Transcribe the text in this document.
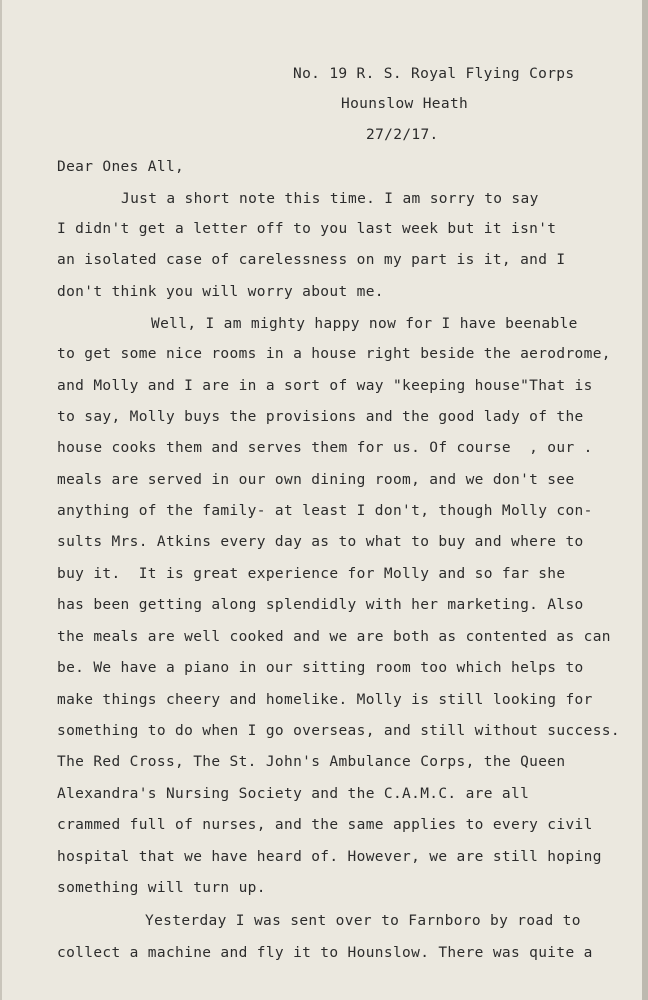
No. 19 R. S. Royal Flying Corps
Hounslow Heath
27/2/17.
Dear Ones All,
Just a short note this time. I am sorry to say
I didn't get a letter off to you last week but it isn't
an isolated case of carelessness on my part is it, and I
don't think you will worry about me.
Well, I am mighty happy now for I have beenable
to get some nice rooms in a house right beside the aerodrome,
and Molly and I are in a sort of way "keeping house"That is
to say, Molly buys the provisions and the good lady of the
house cooks them and serves them for us. Of course  , our .
meals are served in our own dining room, and we don't see
anything of the family- at least I don't, though Molly con-
sults Mrs. Atkins every day as to what to buy and where to
buy it.  It is great experience for Molly and so far she
has been getting along splendidly with her marketing. Also
the meals are well cooked and we are both as contented as can
be. We have a piano in our sitting room too which helps to
make things cheery and homelike. Molly is still looking for
something to do when I go overseas, and still without success.
The Red Cross, The St. John's Ambulance Corps, the Queen
Alexandra's Nursing Society and the C.A.M.C. are all
crammed full of nurses, and the same applies to every civil
hospital that we have heard of. However, we are still hoping
something will turn up.
Yesterday I was sent over to Farnboro by road to
collect a machine and fly it to Hounslow. There was quite a
